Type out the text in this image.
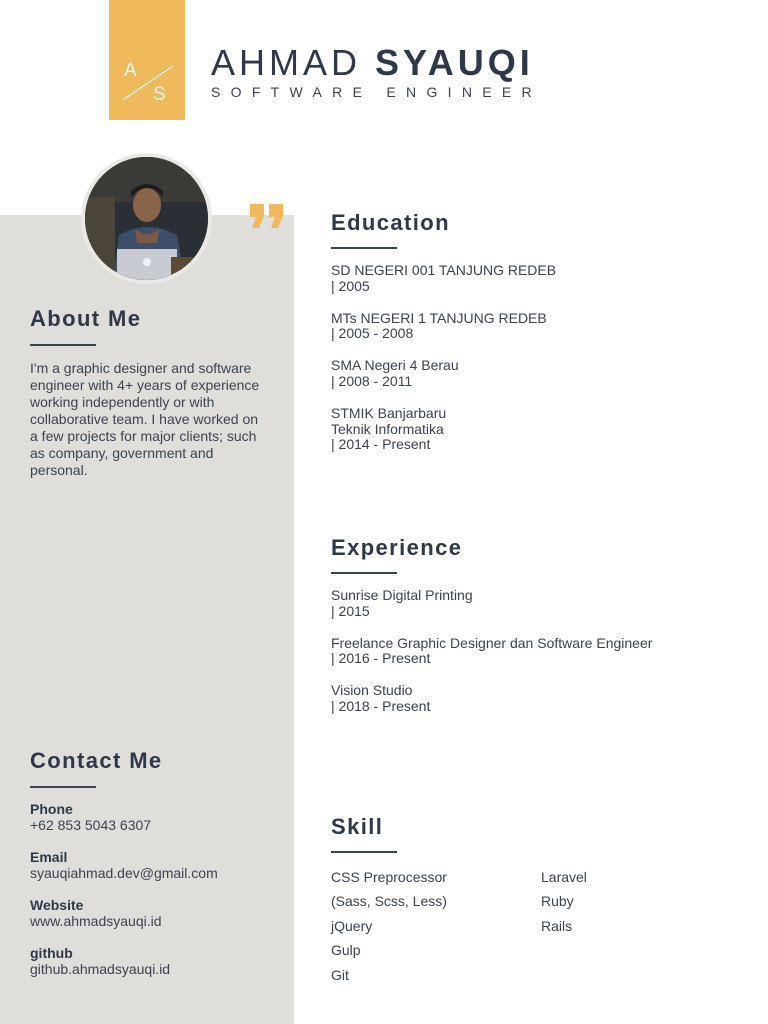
A
S
AHMAD SYAUQI
SOFTWARE ENGINEER
About Me
I'm a graphic designer and software engineer with 4+ years of experience working independently or with collaborative team. I have worked on a few projects for major clients; such as company, government and personal.
Contact Me
Phone
+62 853 5043 6307
Email
syauqiahmad.dev@gmail.com
Website
www.ahmadsyauqi.id
github
github.ahmadsyauqi.id
Education
SD NEGERI 001 TANJUNG REDEB
| 2005
MTs NEGERI 1 TANJUNG REDEB
| 2005 - 2008
SMA Negeri 4 Berau
| 2008 - 2011
STMIK Banjarbaru
Teknik Informatika
| 2014 - Present
Experience
Sunrise Digital Printing
| 2015
Freelance Graphic Designer dan Software Engineer
| 2016 - Present
Vision Studio
| 2018 - Present
Skill
CSS Preprocessor
(Sass, Scss, Less)
jQuery
Gulp
Git
Laravel
Ruby
Rails
